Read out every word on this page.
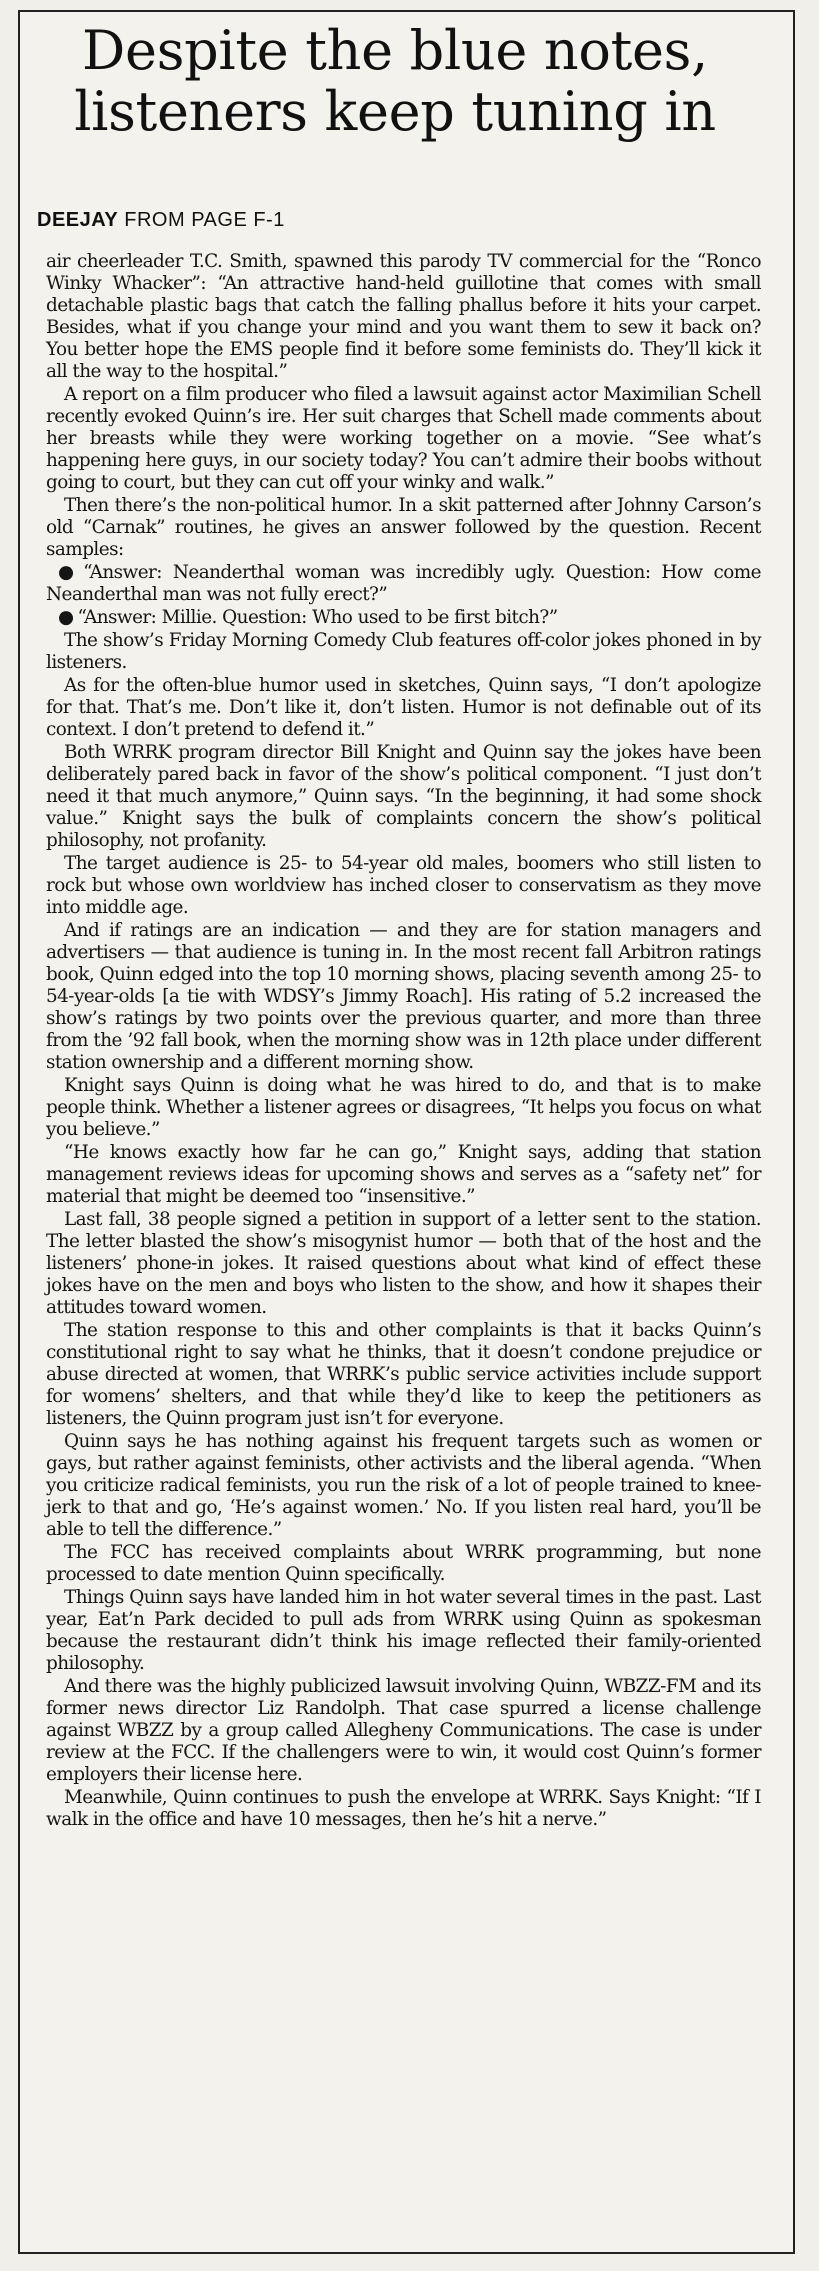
Despite the blue notes,
listeners keep tuning in

DEEJAY FROM PAGE F-1

air cheerleader T.C. Smith, spawned this parody TV commercial for the “Ronco Winky Whacker”: “An attractive hand-held guillotine that comes with small detachable plastic bags that catch the falling phallus before it hits your carpet. Besides, what if you change your mind and you want them to sew it back on? You better hope the EMS people find it before some feminists do. They’ll kick it all the way to the hospital.”

A report on a film producer who filed a lawsuit against actor Maximilian Schell recently evoked Quinn’s ire. Her suit charges that Schell made comments about her breasts while they were working together on a movie. “See what’s happening here guys, in our society today? You can’t admire their boobs without going to court, but they can cut off your winky and walk.”

Then there’s the non-political humor. In a skit patterned after Johnny Carson’s old “Carnak” routines, he gives an answer followed by the question. Recent samples:

● “Answer: Neanderthal woman was incredibly ugly. Question: How come Neanderthal man was not fully erect?”

● “Answer: Millie. Question: Who used to be first bitch?”

The show’s Friday Morning Comedy Club features off-color jokes phoned in by listeners.

As for the often-blue humor used in sketches, Quinn says, “I don’t apologize for that. That’s me. Don’t like it, don’t listen. Humor is not definable out of its context. I don’t pretend to defend it.”

Both WRRK program director Bill Knight and Quinn say the jokes have been deliberately pared back in favor of the show’s political component. “I just don’t need it that much anymore,” Quinn says. “In the beginning, it had some shock value.” Knight says the bulk of complaints concern the show’s political philosophy, not profanity.

The target audience is 25- to 54-year old males, boomers who still listen to rock but whose own worldview has inched closer to conservatism as they move into middle age.

And if ratings are an indication — and they are for station managers and advertisers — that audience is tuning in. In the most recent fall Arbitron ratings book, Quinn edged into the top 10 morning shows, placing seventh among 25- to 54-year-olds [a tie with WDSY’s Jimmy Roach]. His rating of 5.2 increased the show’s ratings by two points over the previous quarter, and more than three from the ’92 fall book, when the morning show was in 12th place under different station ownership and a different morning show.

Knight says Quinn is doing what he was hired to do, and that is to make people think. Whether a listener agrees or disagrees, “It helps you focus on what you believe.”

“He knows exactly how far he can go,” Knight says, adding that station management reviews ideas for upcoming shows and serves as a “safety net” for material that might be deemed too “insensitive.”

Last fall, 38 people signed a petition in support of a letter sent to the station. The letter blasted the show’s misogynist humor — both that of the host and the listeners’ phone-in jokes. It raised questions about what kind of effect these jokes have on the men and boys who listen to the show, and how it shapes their attitudes toward women.

The station response to this and other complaints is that it backs Quinn’s constitutional right to say what he thinks, that it doesn’t condone prejudice or abuse directed at women, that WRRK’s public service activities include support for womens’ shelters, and that while they’d like to keep the petitioners as listeners, the Quinn program just isn’t for everyone.

Quinn says he has nothing against his frequent targets such as women or gays, but rather against feminists, other activists and the liberal agenda. “When you criticize radical feminists, you run the risk of a lot of people trained to knee-jerk to that and go, ‘He’s against women.’ No. If you listen real hard, you’ll be able to tell the difference.”

The FCC has received complaints about WRRK programming, but none processed to date mention Quinn specifically.

Things Quinn says have landed him in hot water several times in the past. Last year, Eat’n Park decided to pull ads from WRRK using Quinn as spokesman because the restaurant didn’t think his image reflected their family-oriented philosophy.

And there was the highly publicized lawsuit involving Quinn, WBZZ-FM and its former news director Liz Randolph. That case spurred a license challenge against WBZZ by a group called Allegheny Communications. The case is under review at the FCC. If the challengers were to win, it would cost Quinn’s former employers their license here.

Meanwhile, Quinn continues to push the envelope at WRRK. Says Knight: “If I walk in the office and have 10 messages, then he’s hit a nerve.”
